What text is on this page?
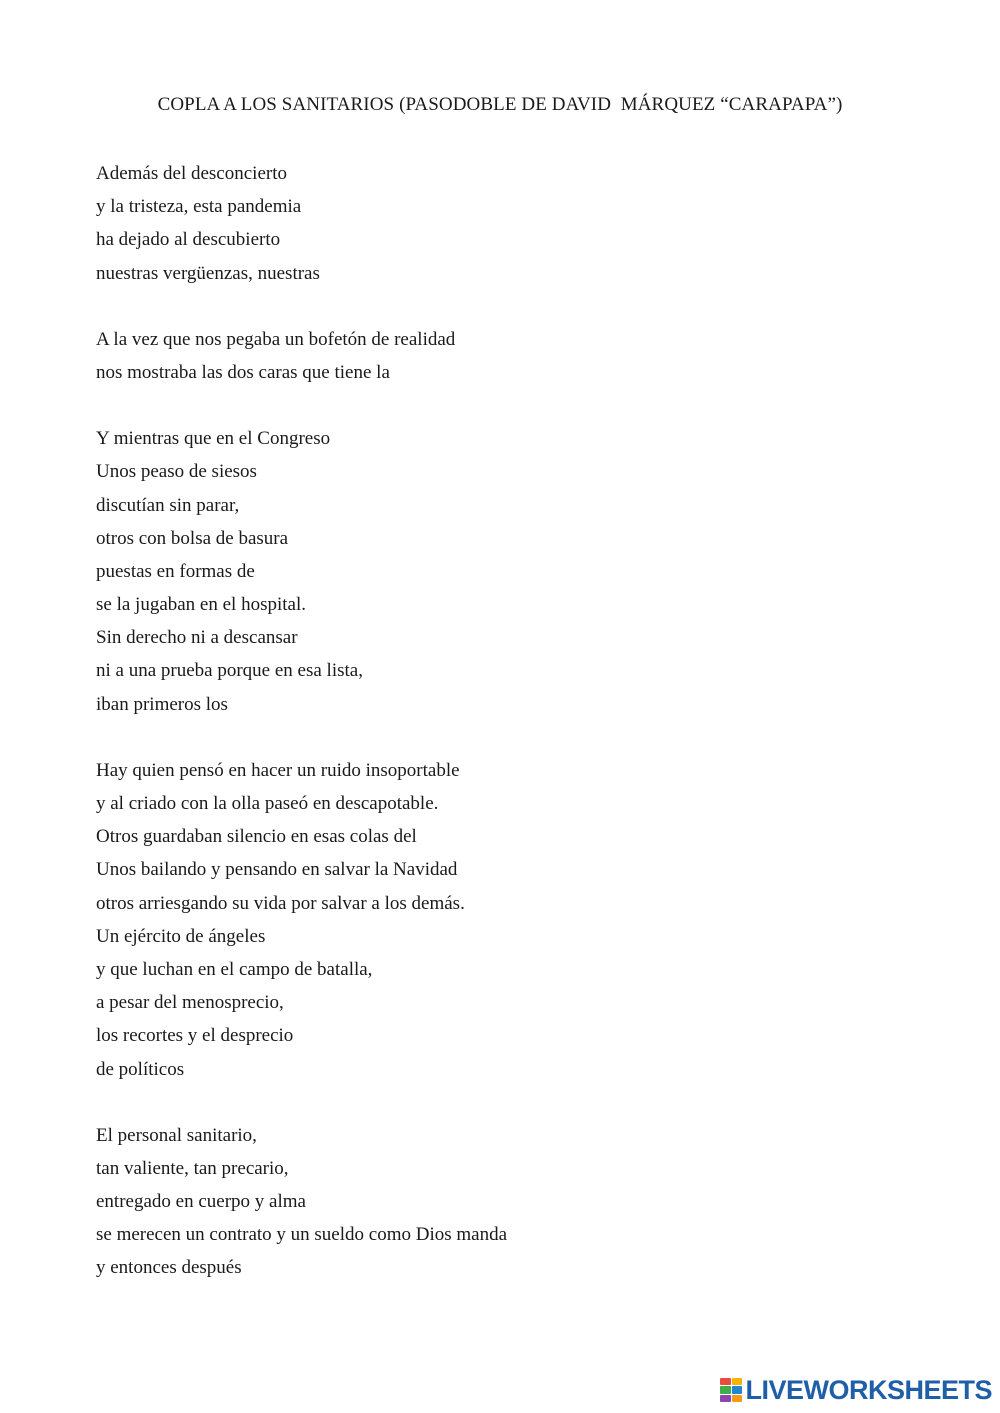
COPLA A LOS SANITARIOS (PASODOBLE DE DAVID  MÁRQUEZ “CARAPAPA”)
Además del desconcierto
y la tristeza, esta pandemia
ha dejado al descubierto
nuestras vergüenzas, nuestras
A la vez que nos pegaba un bofetón de realidad
nos mostraba las dos caras que tiene la
Y mientras que en el Congreso
Unos peaso de siesos
discutían sin parar,
otros con bolsa de basura
puestas en formas de
se la jugaban en el hospital.
Sin derecho ni a descansar
ni a una prueba porque en esa lista,
iban primeros los
Hay quien pensó en hacer un ruido insoportable
y al criado con la olla paseó en descapotable.
Otros guardaban silencio en esas colas del
Unos bailando y pensando en salvar la Navidad
otros arriesgando su vida por salvar a los demás.
Un ejército de ángeles
y que luchan en el campo de batalla,
a pesar del menosprecio,
los recortes y el desprecio
de políticos
El personal sanitario,
tan valiente, tan precario,
entregado en cuerpo y alma
se merecen un contrato y un sueldo como Dios manda
y entonces después
LIVEWORKSHEETS
